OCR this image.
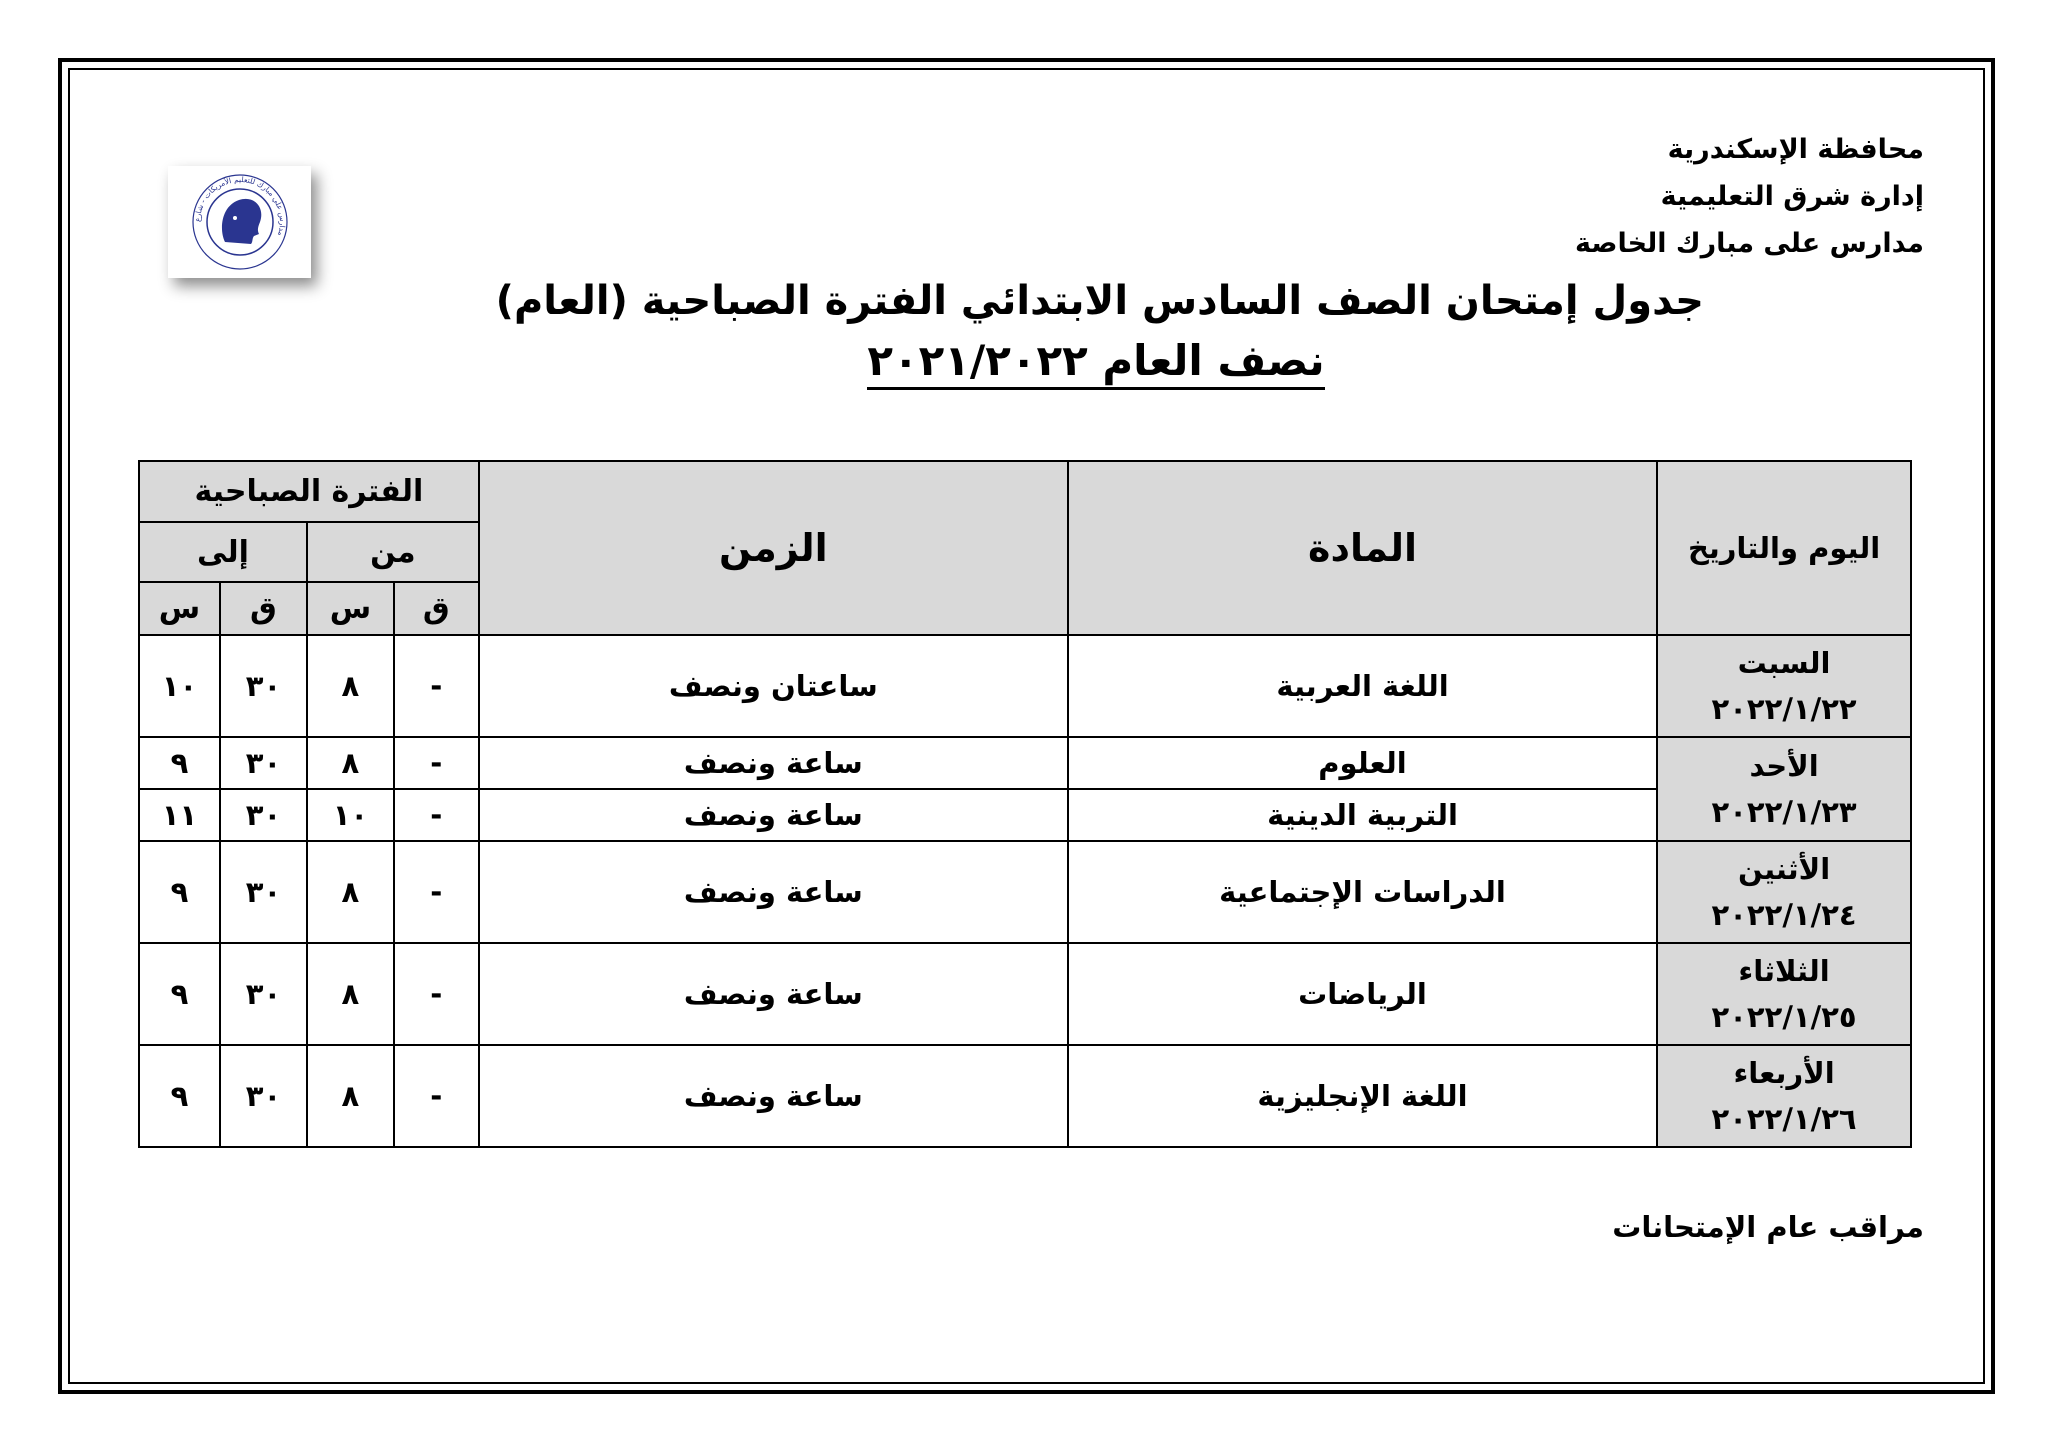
مدارس علي مبارك للتعليم الأمريكات - شارع
محافظة الإسكندرية
إدارة شرق التعليمية
مدارس على مبارك الخاصة
جدول إمتحان الصف السادس الابتدائي الفترة الصباحية (العام)
نصف العام ٢٠٢١/٢٠٢٢
اليوم والتاريخ	المادة	الزمن	الفترة الصباحية			
			من		إلى	
			ق	س	ق	س

السبت
٢٠٢٢/١/٢٢	اللغة العربية	ساعتان ونصف	-	٨	٣٠	١٠

الأحد
٢٠٢٢/١/٢٣	العلوم	ساعة ونصف	-	٨	٣٠	٩
	التربية الدينية	ساعة ونصف	-	١٠	٣٠	١١

الأثنين
٢٠٢٢/١/٢٤	الدراسات الإجتماعية	ساعة ونصف	-	٨	٣٠	٩

الثلاثاء
٢٠٢٢/١/٢٥	الرياضات	ساعة ونصف	-	٨	٣٠	٩

الأربعاء
٢٠٢٢/١/٢٦	اللغة الإنجليزية	ساعة ونصف	-	٨	٣٠	٩
مراقب عام الإمتحانات
